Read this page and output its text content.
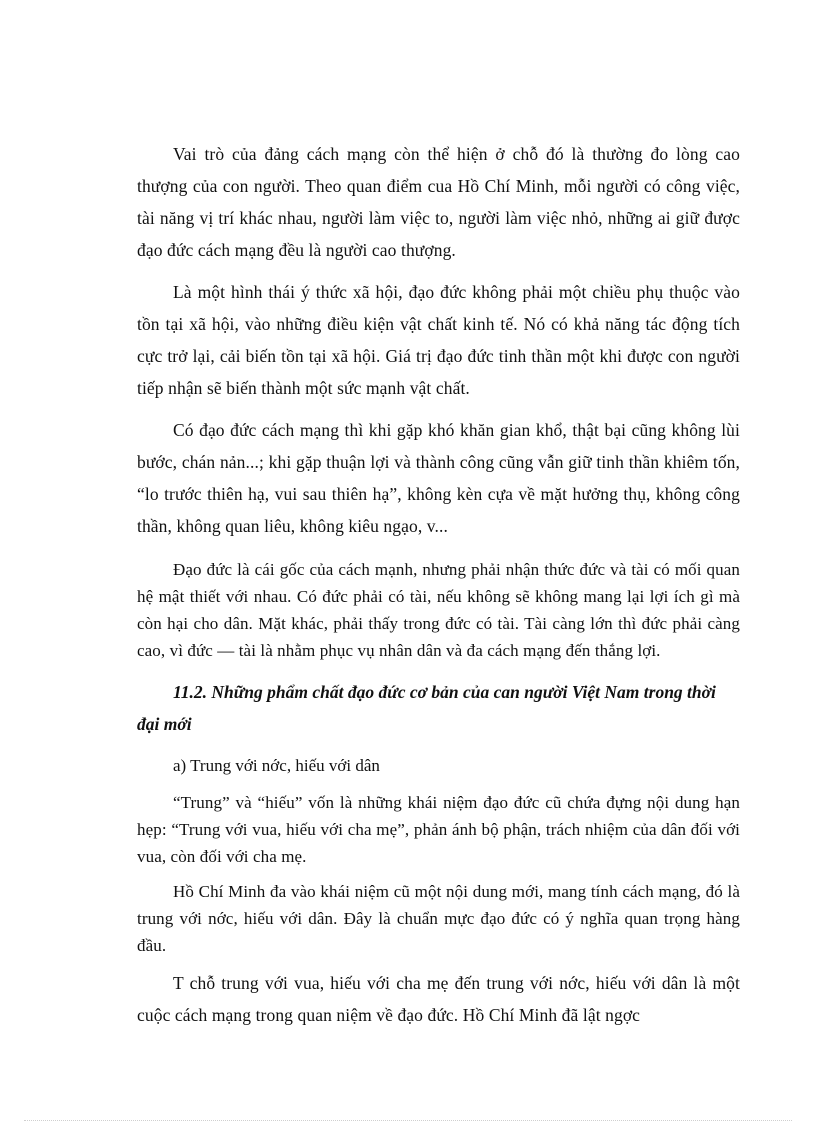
Vai trò của đảng cách mạng còn thể hiện ở chỗ đó là thường đo lòng cao thượng của con người. Theo quan điểm cua Hồ Chí Minh, mỗi người có công việc, tài năng vị trí khác nhau, người làm việc to, người làm việc nhỏ, những ai giữ được đạo đức cách mạng đều là người cao thượng.

Là một hình thái ý thức xã hội, đạo đức không phải một chiều phụ thuộc vào tồn tại xã hội, vào những điều kiện vật chất kinh tế. Nó có khả năng tác động tích cực trở lại, cải biến tồn tại xã hội. Giá trị đạo đức tinh thần một khi được con người tiếp nhận sẽ biến thành một sức mạnh vật chất.

Có đạo đức cách mạng thì khi gặp khó khăn gian khổ, thật bại cũng không lùi bước, chán nản...; khi gặp thuận lợi và thành công cũng vẫn giữ tinh thần khiêm tốn, “lo trước thiên hạ, vui sau thiên hạ”, không kèn cựa về mặt hưởng thụ, không công thần, không quan liêu, không kiêu ngạo, v...

Đạo đức là cái gốc của cách mạnh, nhưng phải nhận thức đức và tài có mối quan hệ mật thiết với nhau. Có đức phải có tài, nếu không sẽ không mang lại lợi ích gì mà còn hại cho dân. Mặt khác, phải thấy trong đức có tài. Tài càng lớn thì đức phải càng cao, vì đức — tài là nhằm phục vụ nhân dân và đa cách mạng đến thắng lợi.

11.2. Những phẩm chất đạo đức cơ bản của can người Việt Nam trong thời đại mới

a) Trung với nớc, hiếu với dân

“Trung” và “hiếu” vốn là những khái niệm đạo đức cũ chứa đựng nội dung hạn hẹp: “Trung với vua, hiếu với cha mẹ”, phản ánh bộ phận, trách nhiệm của dân đối với vua, còn đối với cha mẹ.

Hồ Chí Minh đa vào khái niệm cũ một nội dung mới, mang tính cách mạng, đó là trung với nớc, hiếu với dân. Đây là chuẩn mực đạo đức có ý nghĩa quan trọng hàng đầu.

T chỗ trung với vua, hiếu với cha mẹ đến trung với nớc, hiếu với dân là một cuộc cách mạng trong quan niệm về đạo đức. Hồ Chí Minh đã lật ngợc
